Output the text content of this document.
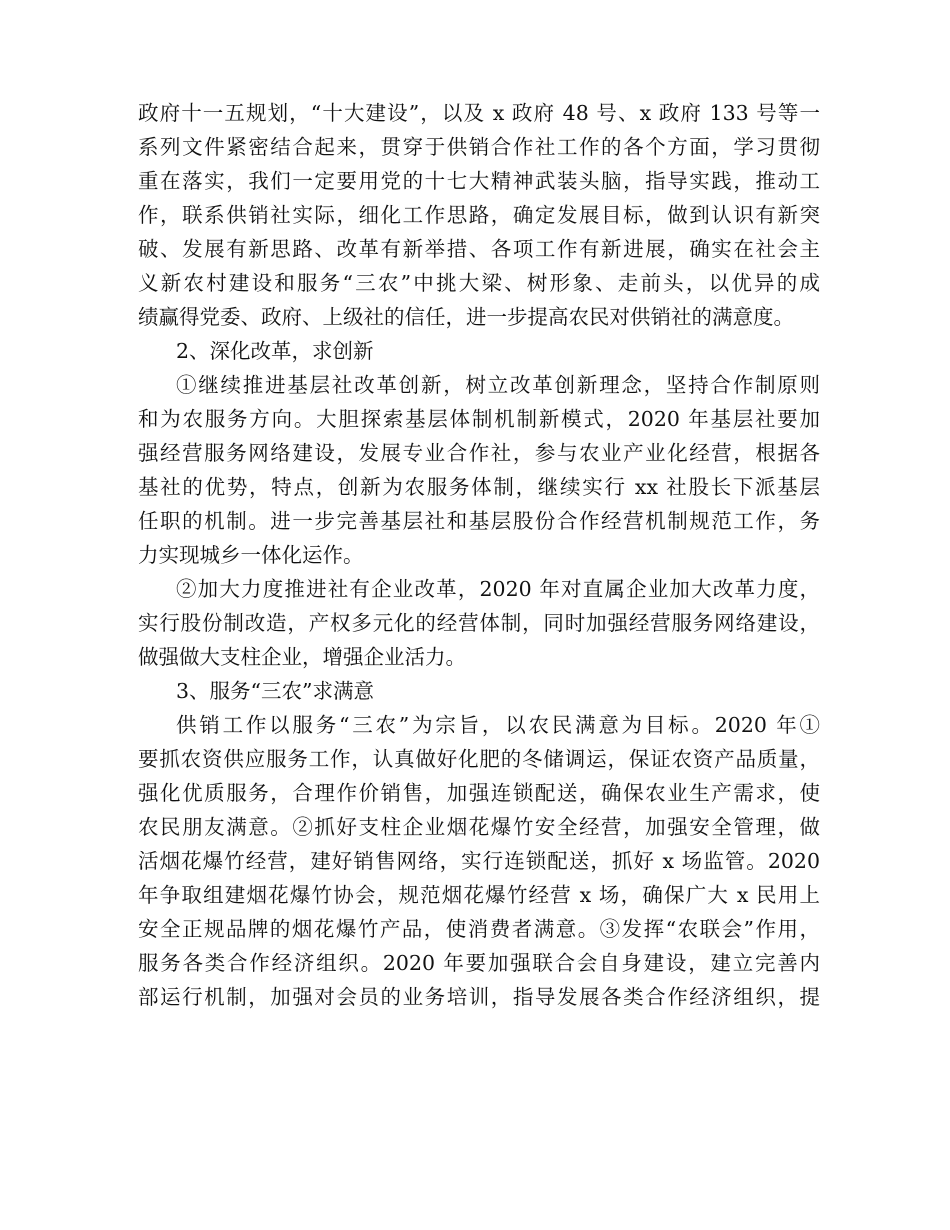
政府十一五规划，“十大建设”，以及 x 政府 48 号、x 政府 133 号等一
系列文件紧密结合起来，贯穿于供销合作社工作的各个方面，学习贯彻
重在落实，我们一定要用党的十七大精神武装头脑，指导实践，推动工
作，联系供销社实际，细化工作思路，确定发展目标，做到认识有新突
破、发展有新思路、改革有新举措、各项工作有新进展，确实在社会主
义新农村建设和服务“三农”中挑大梁、树形象、走前头，以优异的成
绩赢得党委、政府、上级社的信任，进一步提高农民对供销社的满意度。
2、深化改革，求创新
①继续推进基层社改革创新，树立改革创新理念，坚持合作制原则
和为农服务方向。大胆探索基层体制机制新模式，2020 年基层社要加
强经营服务网络建设，发展专业合作社，参与农业产业化经营，根据各
基社的优势，特点，创新为农服务体制，继续实行 xx 社股长下派基层
任职的机制。进一步完善基层社和基层股份合作经营机制规范工作，务
力实现城乡一体化运作。
②加大力度推进社有企业改革，2020 年对直属企业加大改革力度，
实行股份制改造，产权多元化的经营体制，同时加强经营服务网络建设，
做强做大支柱企业，增强企业活力。
3、服务“三农”求满意
供销工作以服务“三农”为宗旨，以农民满意为目标。2020 年①
要抓农资供应服务工作，认真做好化肥的冬储调运，保证农资产品质量，
强化优质服务，合理作价销售，加强连锁配送，确保农业生产需求，使
农民朋友满意。②抓好支柱企业烟花爆竹安全经营，加强安全管理，做
活烟花爆竹经营，建好销售网络，实行连锁配送，抓好 x 场监管。2020
年争取组建烟花爆竹协会，规范烟花爆竹经营 x 场，确保广大 x 民用上
安全正规品牌的烟花爆竹产品，使消费者满意。③发挥“农联会”作用，
服务各类合作经济组织。2020 年要加强联合会自身建设，建立完善内
部运行机制，加强对会员的业务培训，指导发展各类合作经济组织，提
